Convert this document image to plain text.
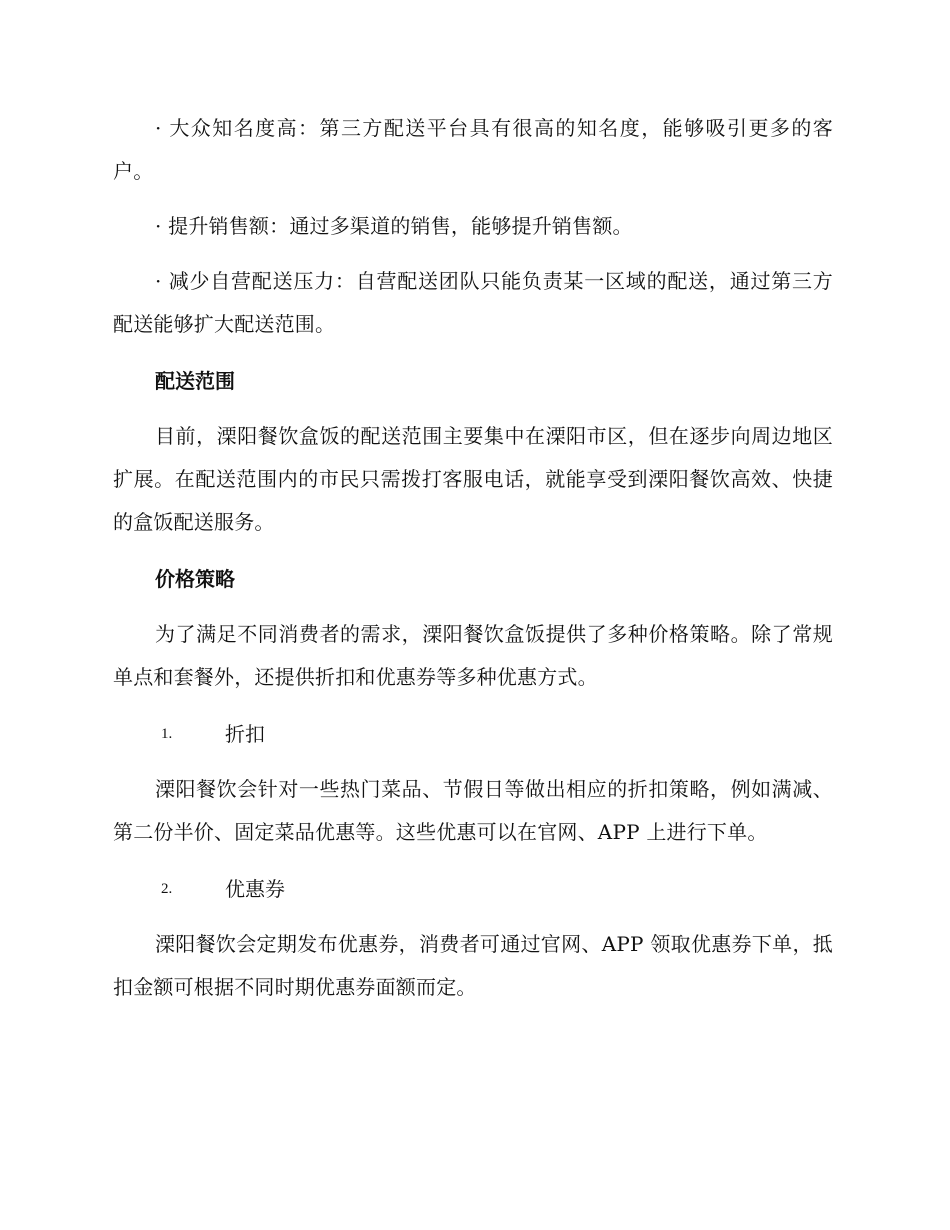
· 大众知名度高：第三方配送平台具有很高的知名度，能够吸引更多的客户。

· 提升销售额：通过多渠道的销售，能够提升销售额。

· 减少自营配送压力：自营配送团队只能负责某一区域的配送，通过第三方配送能够扩大配送范围。

配送范围

目前，溧阳餐饮盒饭的配送范围主要集中在溧阳市区，但在逐步向周边地区扩展。在配送范围内的市民只需拨打客服电话，就能享受到溧阳餐饮高效、快捷的盒饭配送服务。

价格策略

为了满足不同消费者的需求，溧阳餐饮盒饭提供了多种价格策略。除了常规单点和套餐外，还提供折扣和优惠券等多种优惠方式。

1.	折扣

溧阳餐饮会针对一些热门菜品、节假日等做出相应的折扣策略，例如满减、第二份半价、固定菜品优惠等。这些优惠可以在官网、APP 上进行下单。

2.	优惠券

溧阳餐饮会定期发布优惠券，消费者可通过官网、APP 领取优惠券下单，抵扣金额可根据不同时期优惠券面额而定。
